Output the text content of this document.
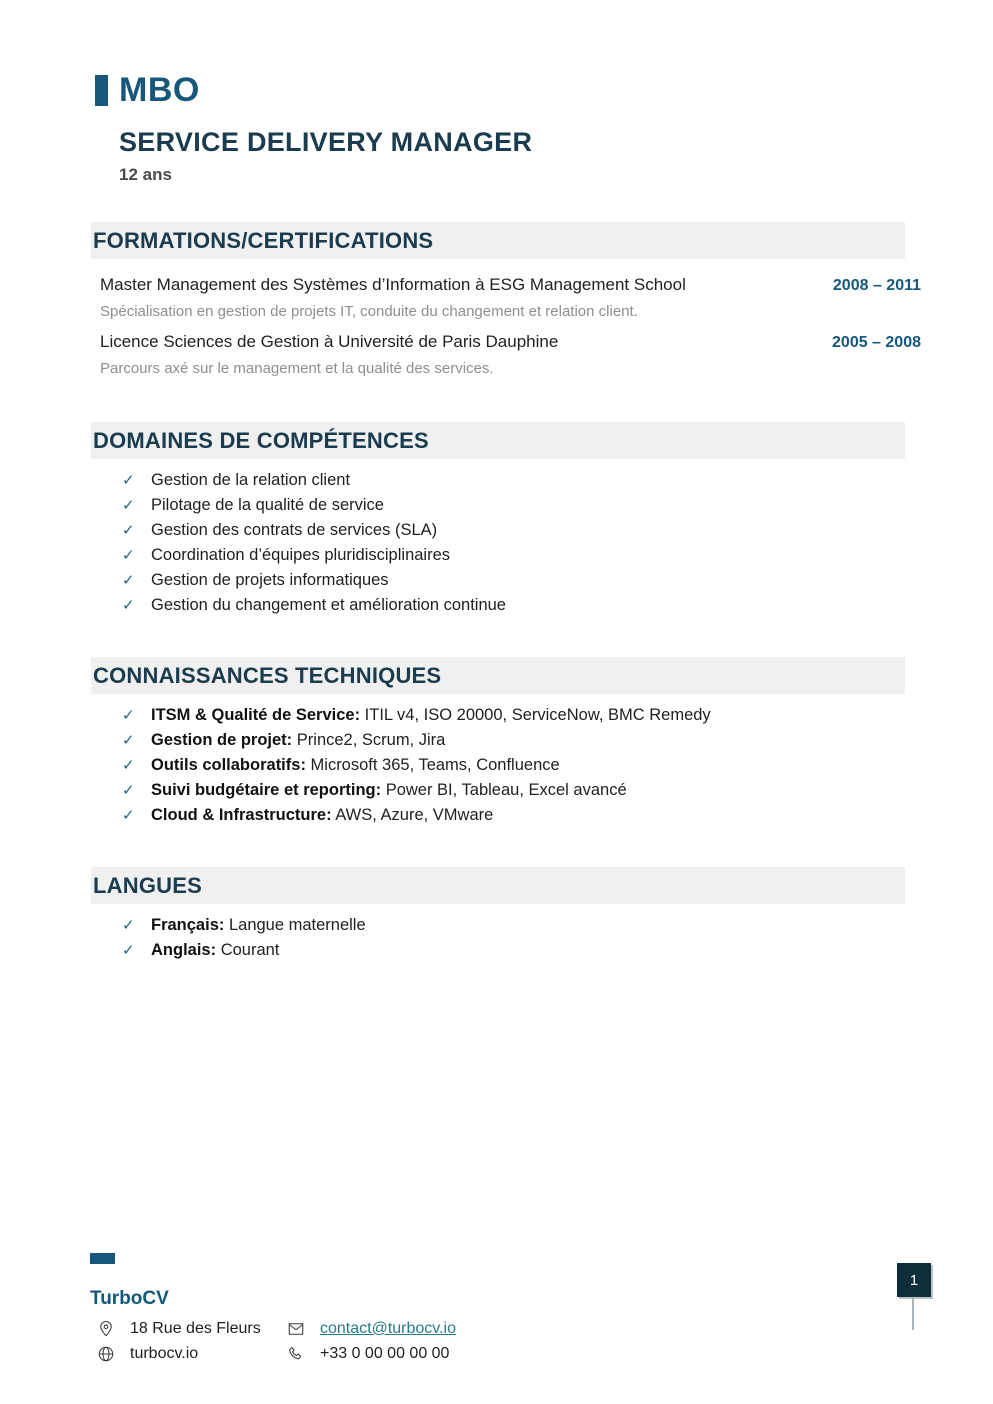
MBO
SERVICE DELIVERY MANAGER
12 ans
FORMATIONS/CERTIFICATIONS
Master Management des Systèmes d’Information à ESG Management School	2008 – 2011
Spécialisation en gestion de projets IT, conduite du changement et relation client.
Licence Sciences de Gestion à Université de Paris Dauphine	2005 – 2008
Parcours axé sur le management et la qualité des services.
DOMAINES DE COMPÉTENCES
✓ Gestion de la relation client
✓ Pilotage de la qualité de service
✓ Gestion des contrats de services (SLA)
✓ Coordination d’équipes pluridisciplinaires
✓ Gestion de projets informatiques
✓ Gestion du changement et amélioration continue
CONNAISSANCES TECHNIQUES
✓ ITSM & Qualité de Service: ITIL v4, ISO 20000, ServiceNow, BMC Remedy
✓ Gestion de projet: Prince2, Scrum, Jira
✓ Outils collaboratifs: Microsoft 365, Teams, Confluence
✓ Suivi budgétaire et reporting: Power BI, Tableau, Excel avancé
✓ Cloud & Infrastructure: AWS, Azure, VMware
LANGUES
✓ Français: Langue maternelle
✓ Anglais: Courant
TurboCV
18 Rue des Fleurs	contact@turbocv.io
turbocv.io	+33 0 00 00 00 00
1
